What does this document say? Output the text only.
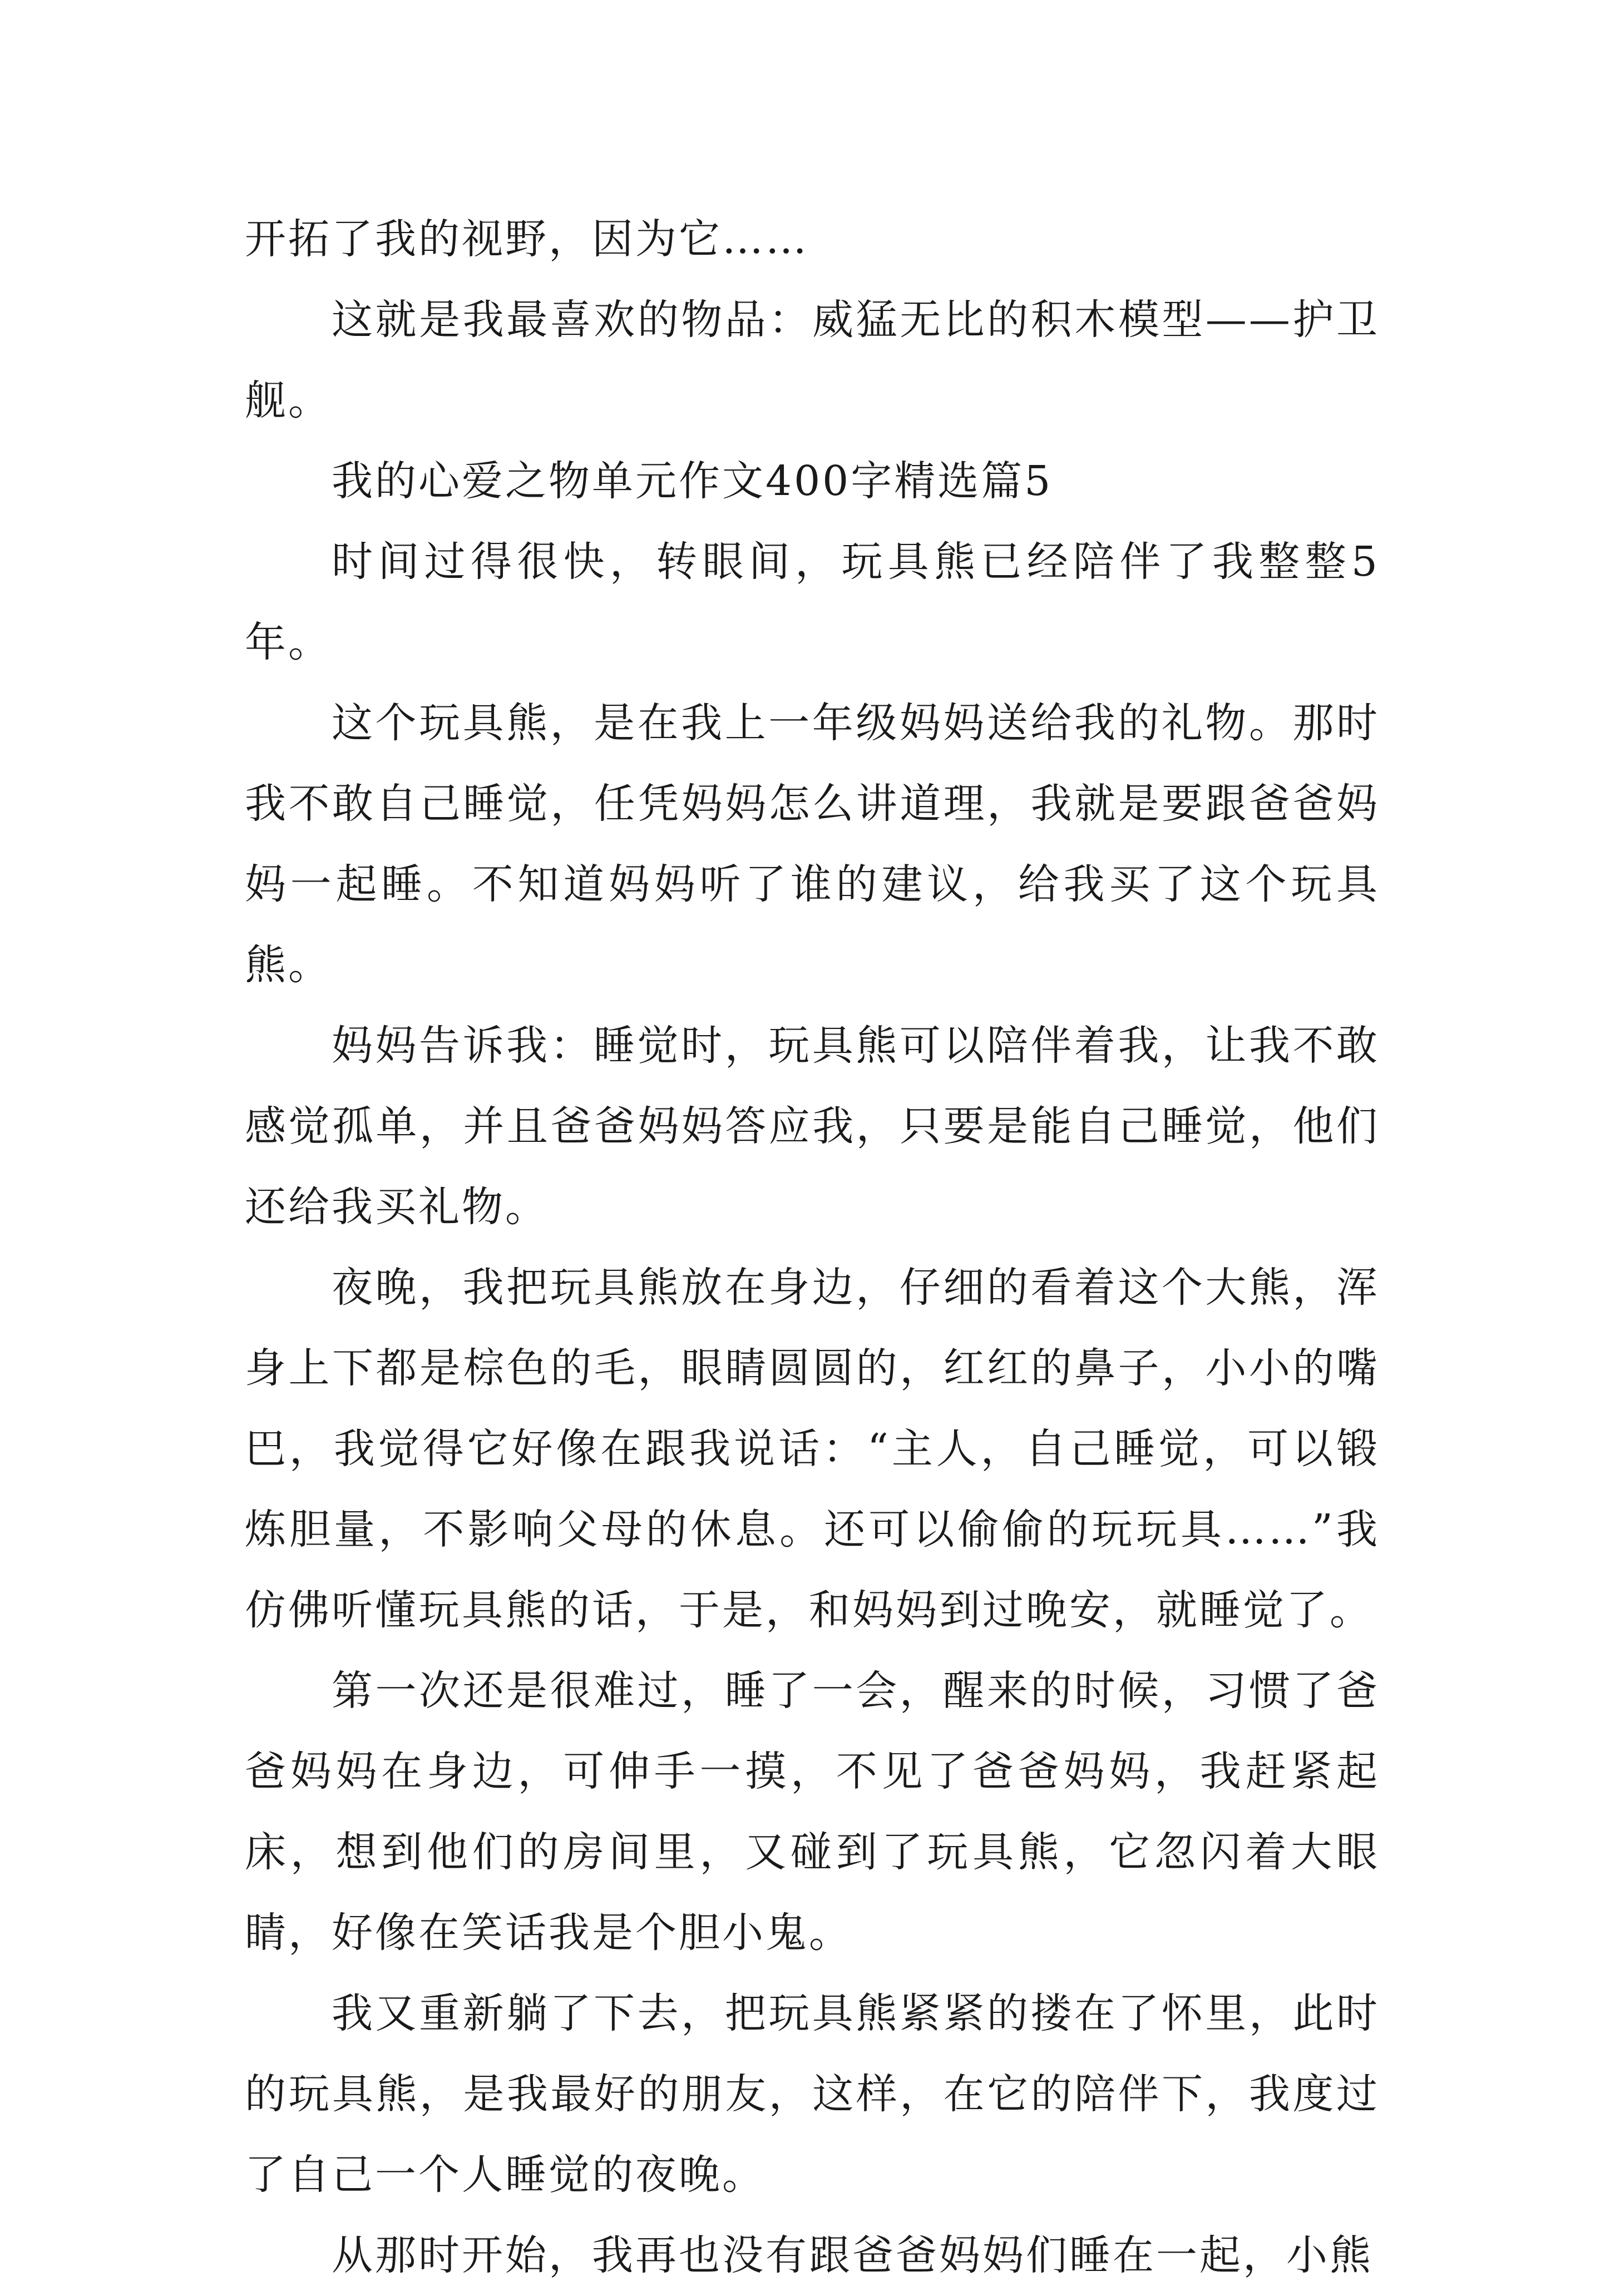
开拓了我的视野，因为它……

这就是我最喜欢的物品：威猛无比的积木模型——护卫舰。

我的心爱之物单元作文400字精选篇5

时间过得很快，转眼间，玩具熊已经陪伴了我整整5年。

这个玩具熊，是在我上一年级妈妈送给我的礼物。那时我不敢自己睡觉，任凭妈妈怎么讲道理，我就是要跟爸爸妈妈一起睡。不知道妈妈听了谁的建议，给我买了这个玩具熊。

妈妈告诉我：睡觉时，玩具熊可以陪伴着我，让我不敢感觉孤单，并且爸爸妈妈答应我，只要是能自己睡觉，他们还给我买礼物。

夜晚，我把玩具熊放在身边，仔细的看着这个大熊，浑身上下都是棕色的毛，眼睛圆圆的，红红的鼻子，小小的嘴巴，我觉得它好像在跟我说话：“主人，自己睡觉，可以锻炼胆量，不影响父母的休息。还可以偷偷的玩玩具……”我仿佛听懂玩具熊的话，于是，和妈妈到过晚安，就睡觉了。

第一次还是很难过，睡了一会，醒来的时候，习惯了爸爸妈妈在身边，可伸手一摸，不见了爸爸妈妈，我赶紧起床，想到他们的房间里，又碰到了玩具熊，它忽闪着大眼睛，好像在笑话我是个胆小鬼。

我又重新躺了下去，把玩具熊紧紧的搂在了怀里，此时的玩具熊，是我最好的朋友，这样，在它的陪伴下，我度过了自己一个人睡觉的夜晚。

从那时开始，我再也没有跟爸爸妈妈们睡在一起，小熊
